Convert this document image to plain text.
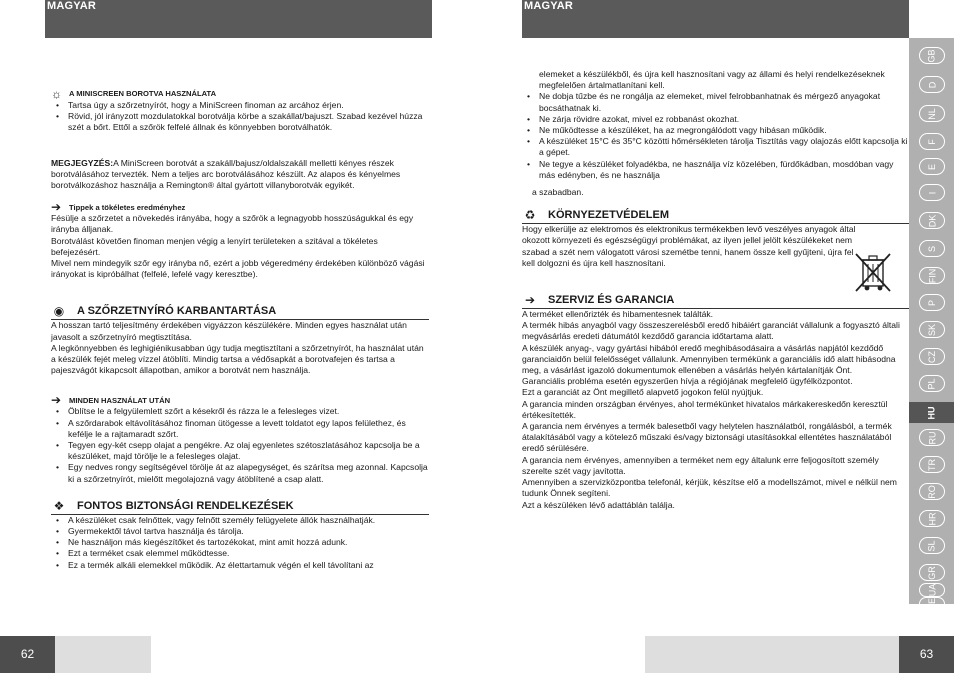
MAGYAR	MAGYAR
☼ A MINISCREEN BOROTVA HASZNÁLATA
• Tartsa úgy a szőrzetnyírót, hogy a MiniScreen finoman az arcához érjen.
• Rövid, jól irányzott mozdulatokkal borotválja körbe a szakállat/bajuszt. Szabad kezével húzza szét a bőrt. Ettől a szőrök felfelé állnak és könnyebben borotválhatók.

MEGJEGYZÉS:A MiniScreen borotvát a szakáll/bajusz/oldalszakáll melletti kényes részek borotválásához tervezték. Nem a teljes arc borotválásához készült. Az alapos és kényelmes borotválkozáshoz használja a Remington® által gyártott villanyborotvák egyikét.

➔	Tippek a tökéletes eredményhez

Fésülje a szőrzetet a növekedés irányába, hogy a szőrök a legnagyobb hosszúságukkal és egy irányba álljanak.

Borotválást követően finoman menjen végig a lenyírt területeken a szitával a tökéletes befejezésért.

Mivel nem mindegyik szőr egy irányba nő, ezért a jobb végeredmény érdekében különböző vágási irányokat is kipróbálhat (felfelé, lefelé vagy keresztbe).

◉ A SZŐRZETNYÍRÓ KARBANTARTÁSA

A hosszan tartó teljesítmény érdekében vigyázzon készülékére. Minden egyes használat után javasolt a szőrzetnyíró megtisztítása.

A legkönnyebben és leghigiénikusabban úgy tudja megtisztítani a szőrzetnyírót, ha használat után a készülék fejét meleg vízzel átöblíti. Mindig tartsa a védősapkát a borotvafejen és tartsa a pajeszvágót kikapcsolt állapotban, amikor a borotvát nem használja.

➔	MINDEN HASZNÁLAT UTÁN
• Öblítse le a felgyülemlett szőrt a késekről és rázza le a felesleges vizet.
• A szőrdarabok eltávolításához finoman ütögesse a levett toldatot egy lapos felülethez, és kefélje le a rajtamaradt szőrt.
• Tegyen egy-két csepp olajat a pengékre. Az olaj egyenletes szétoszlatásához kapcsolja be a készüléket, majd törölje le a felesleges olajat.
• Egy nedves rongy segítségével törölje át az alapegységet, és szárítsa meg azonnal. Kapcsolja ki a szőrzetnyírót, mielőtt megolajozná vagy átöblítené a csap alatt.
❖ FONTOS BIZTONSÁGI RENDELKEZÉSEK
• A készüléket csak felnőttek, vagy felnőtt személy felügyelete állók használhatják.
• Gyermekektől távol tartva használja és tárolja.
• Ne használjon más kiegészítőket és tartozékokat, mint amit hozzá adunk.
• Ezt a terméket csak elemmel működtesse.
• Ez a termék alkáli elemekkel működik. Az élettartamuk végén el kell távolítani az

elemeket a készülékből, és újra kell hasznosítani vagy az állami és helyi rendelkezéseknek megfelelően ártalmatlanítani kell.

• Ne dobja tűzbe és ne rongálja az elemeket, mivel felrobbanhatnak és mérgező anyagokat bocsáthatnak ki.
• Ne zárja rövidre azokat, mivel ez robbanást okozhat.
• Ne működtesse a készüléket, ha az megrongálódott vagy hibásan működik.
• A készüléket 15°C és 35°C közötti hőmérsékleten tárolja Tisztítás vagy olajozás előtt kapcsolja ki a gépet.
• Ne tegye a készüléket folyadékba, ne használja víz közelében, fürdőkádban, mosdóban vagy más edényben, és ne használja

a szabadban.

♻ KÖRNYEZETVÉDELEM

Hogy elkerülje az elektromos és elektronikus termékekben levő veszélyes anyagok által okozott környezeti és egészségügyi problémákat, az ilyen jellel jelölt készülékeket nem szabad a szét nem válogatott városi szemétbe tenni, hanem össze kell gyűjteni, újra fel kell dolgozni és újra kell hasznosítani.

➔ SZERVIZ ÉS GARANCIA

A terméket ellenőrizték és hibamentesnek találták.

A termék hibás anyagból vagy összeszerelésből eredő hibáiért garanciát vállalunk a fogyasztó általi megvásárlás eredeti dátumától kezdődő garancia időtartama alatt.

A készülék anyag-, vagy gyártási hibából eredő meghibásodásaira a vásárlás napjától kezdődő garanciaidőn belül felelősséget vállalunk. Amennyiben termékünk a garanciális idő alatt hibásodna meg, a vásárlást igazoló dokumentumok ellenében a vásárlás helyén kártalanítják Önt.

Garanciális probléma esetén egyszerűen hívja a régiójának megfelelő ügyfélközpontot.

Ezt a garanciát az Önt megillető alapvető jogokon felül nyújtjuk.

A garancia minden országban érvényes, ahol termékünket hivatalos márkakereskedőn keresztül értékesítették.

A garancia nem érvényes a termék balesetből vagy helytelen használatból, rongálásból, a termék átalakításából vagy a kötelező műszaki és/vagy biztonsági utasításokkal ellentétes használatából eredő sérülésére.

A garancia nem érvényes, amennyiben a terméket nem egy általunk erre feljogosított személy szerelte szét vagy javította.

Amennyiben a szervizközpontba telefonál, kérjük, készítse elő a modellszámot, mivel e nélkül nem tudunk Önnek segíteni.

Azt a készüléken lévő adattáblán találja.

GB
D
NL
F
E
I
DK
S
FIN
P
SK
CZ
PL
HU
RU
TR
RO
HR
SL
GR
UA
AE
62	63
